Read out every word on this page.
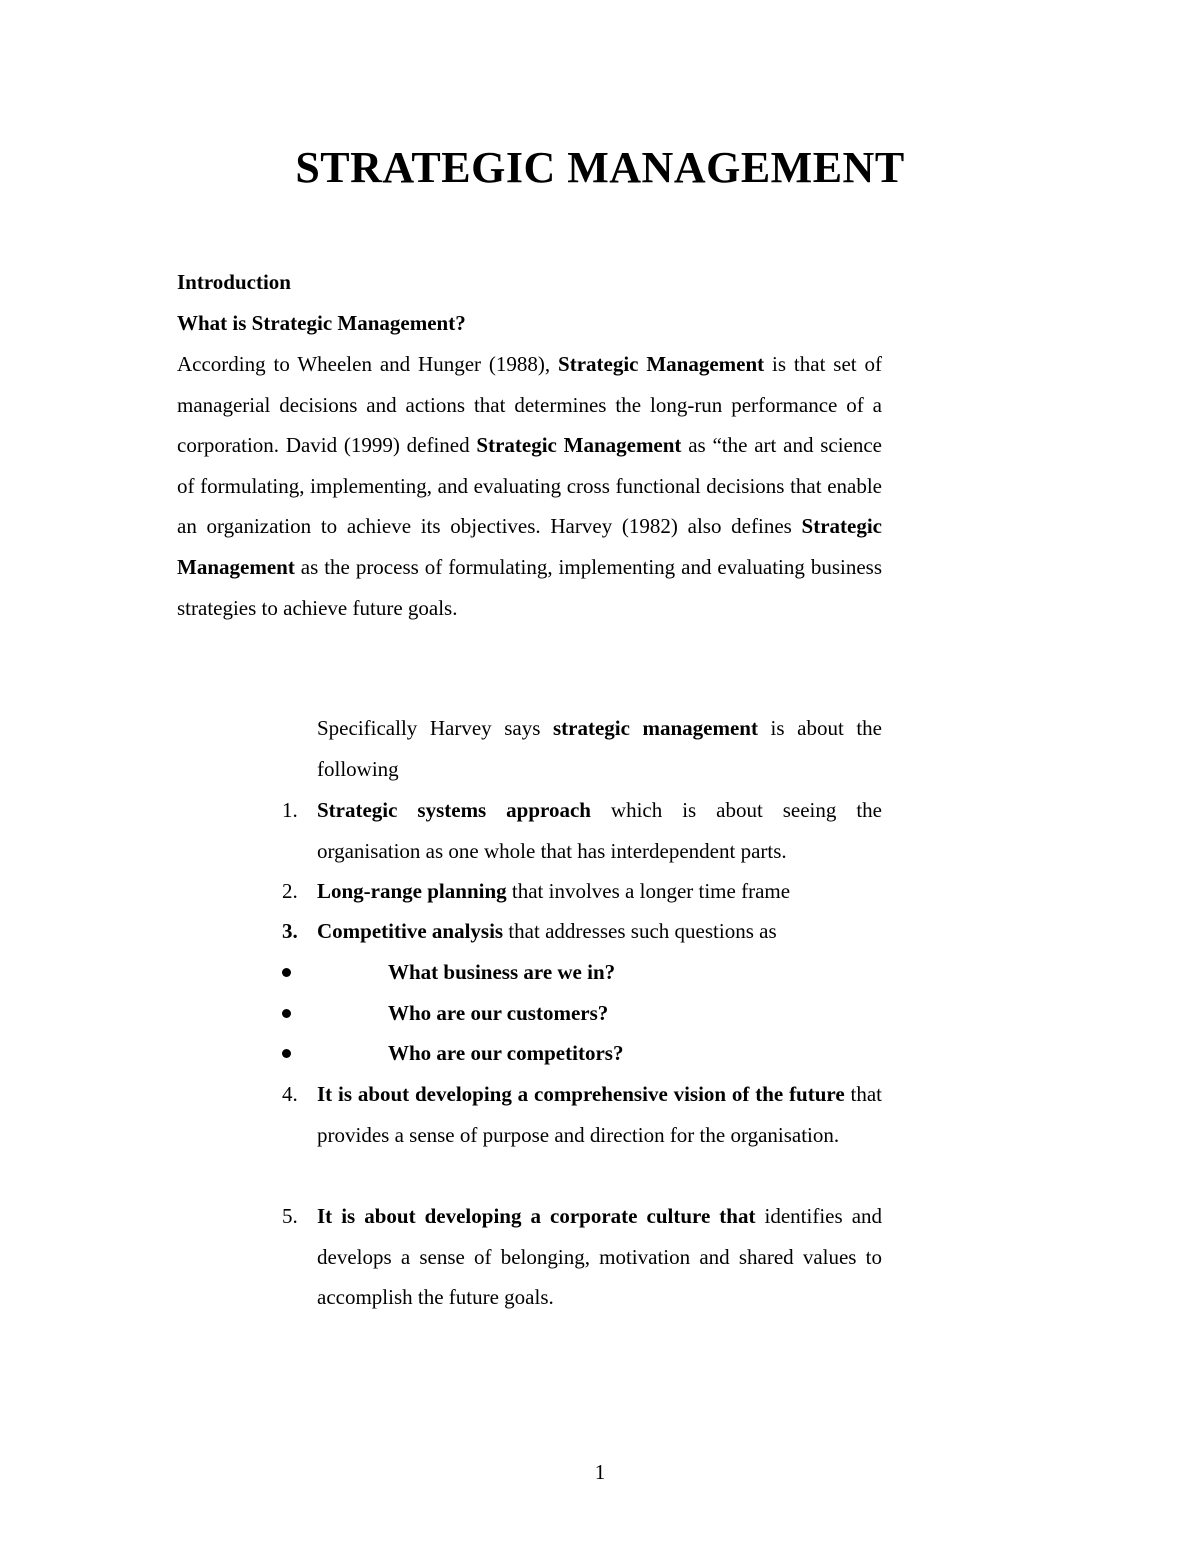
STRATEGIC MANAGEMENT
Introduction
What is Strategic Management?

According to Wheelen and Hunger (1988), Strategic Management is that set of managerial decisions and actions that determines the long-run performance of a corporation. David (1999) defined Strategic Management as “the art and science of formulating, implementing, and evaluating cross functional decisions that enable an organization to achieve its objectives. Harvey (1982) also defines Strategic Management as the process of formulating, implementing and evaluating business strategies to achieve future goals.

Specifically Harvey says strategic management is about the following

1. Strategic systems approach which is about seeing the organisation as one whole that has interdependent parts.

2. Long-range planning that involves a longer time frame

3. Competitive analysis that addresses such questions as

What business are we in?
Who are our customers?
Who are our competitors?
4. It is about developing a comprehensive vision of the future that provides a sense of purpose and direction for the organisation.

5. It is about developing a corporate culture that identifies and develops a sense of belonging, motivation and shared values to accomplish the future goals.

1
